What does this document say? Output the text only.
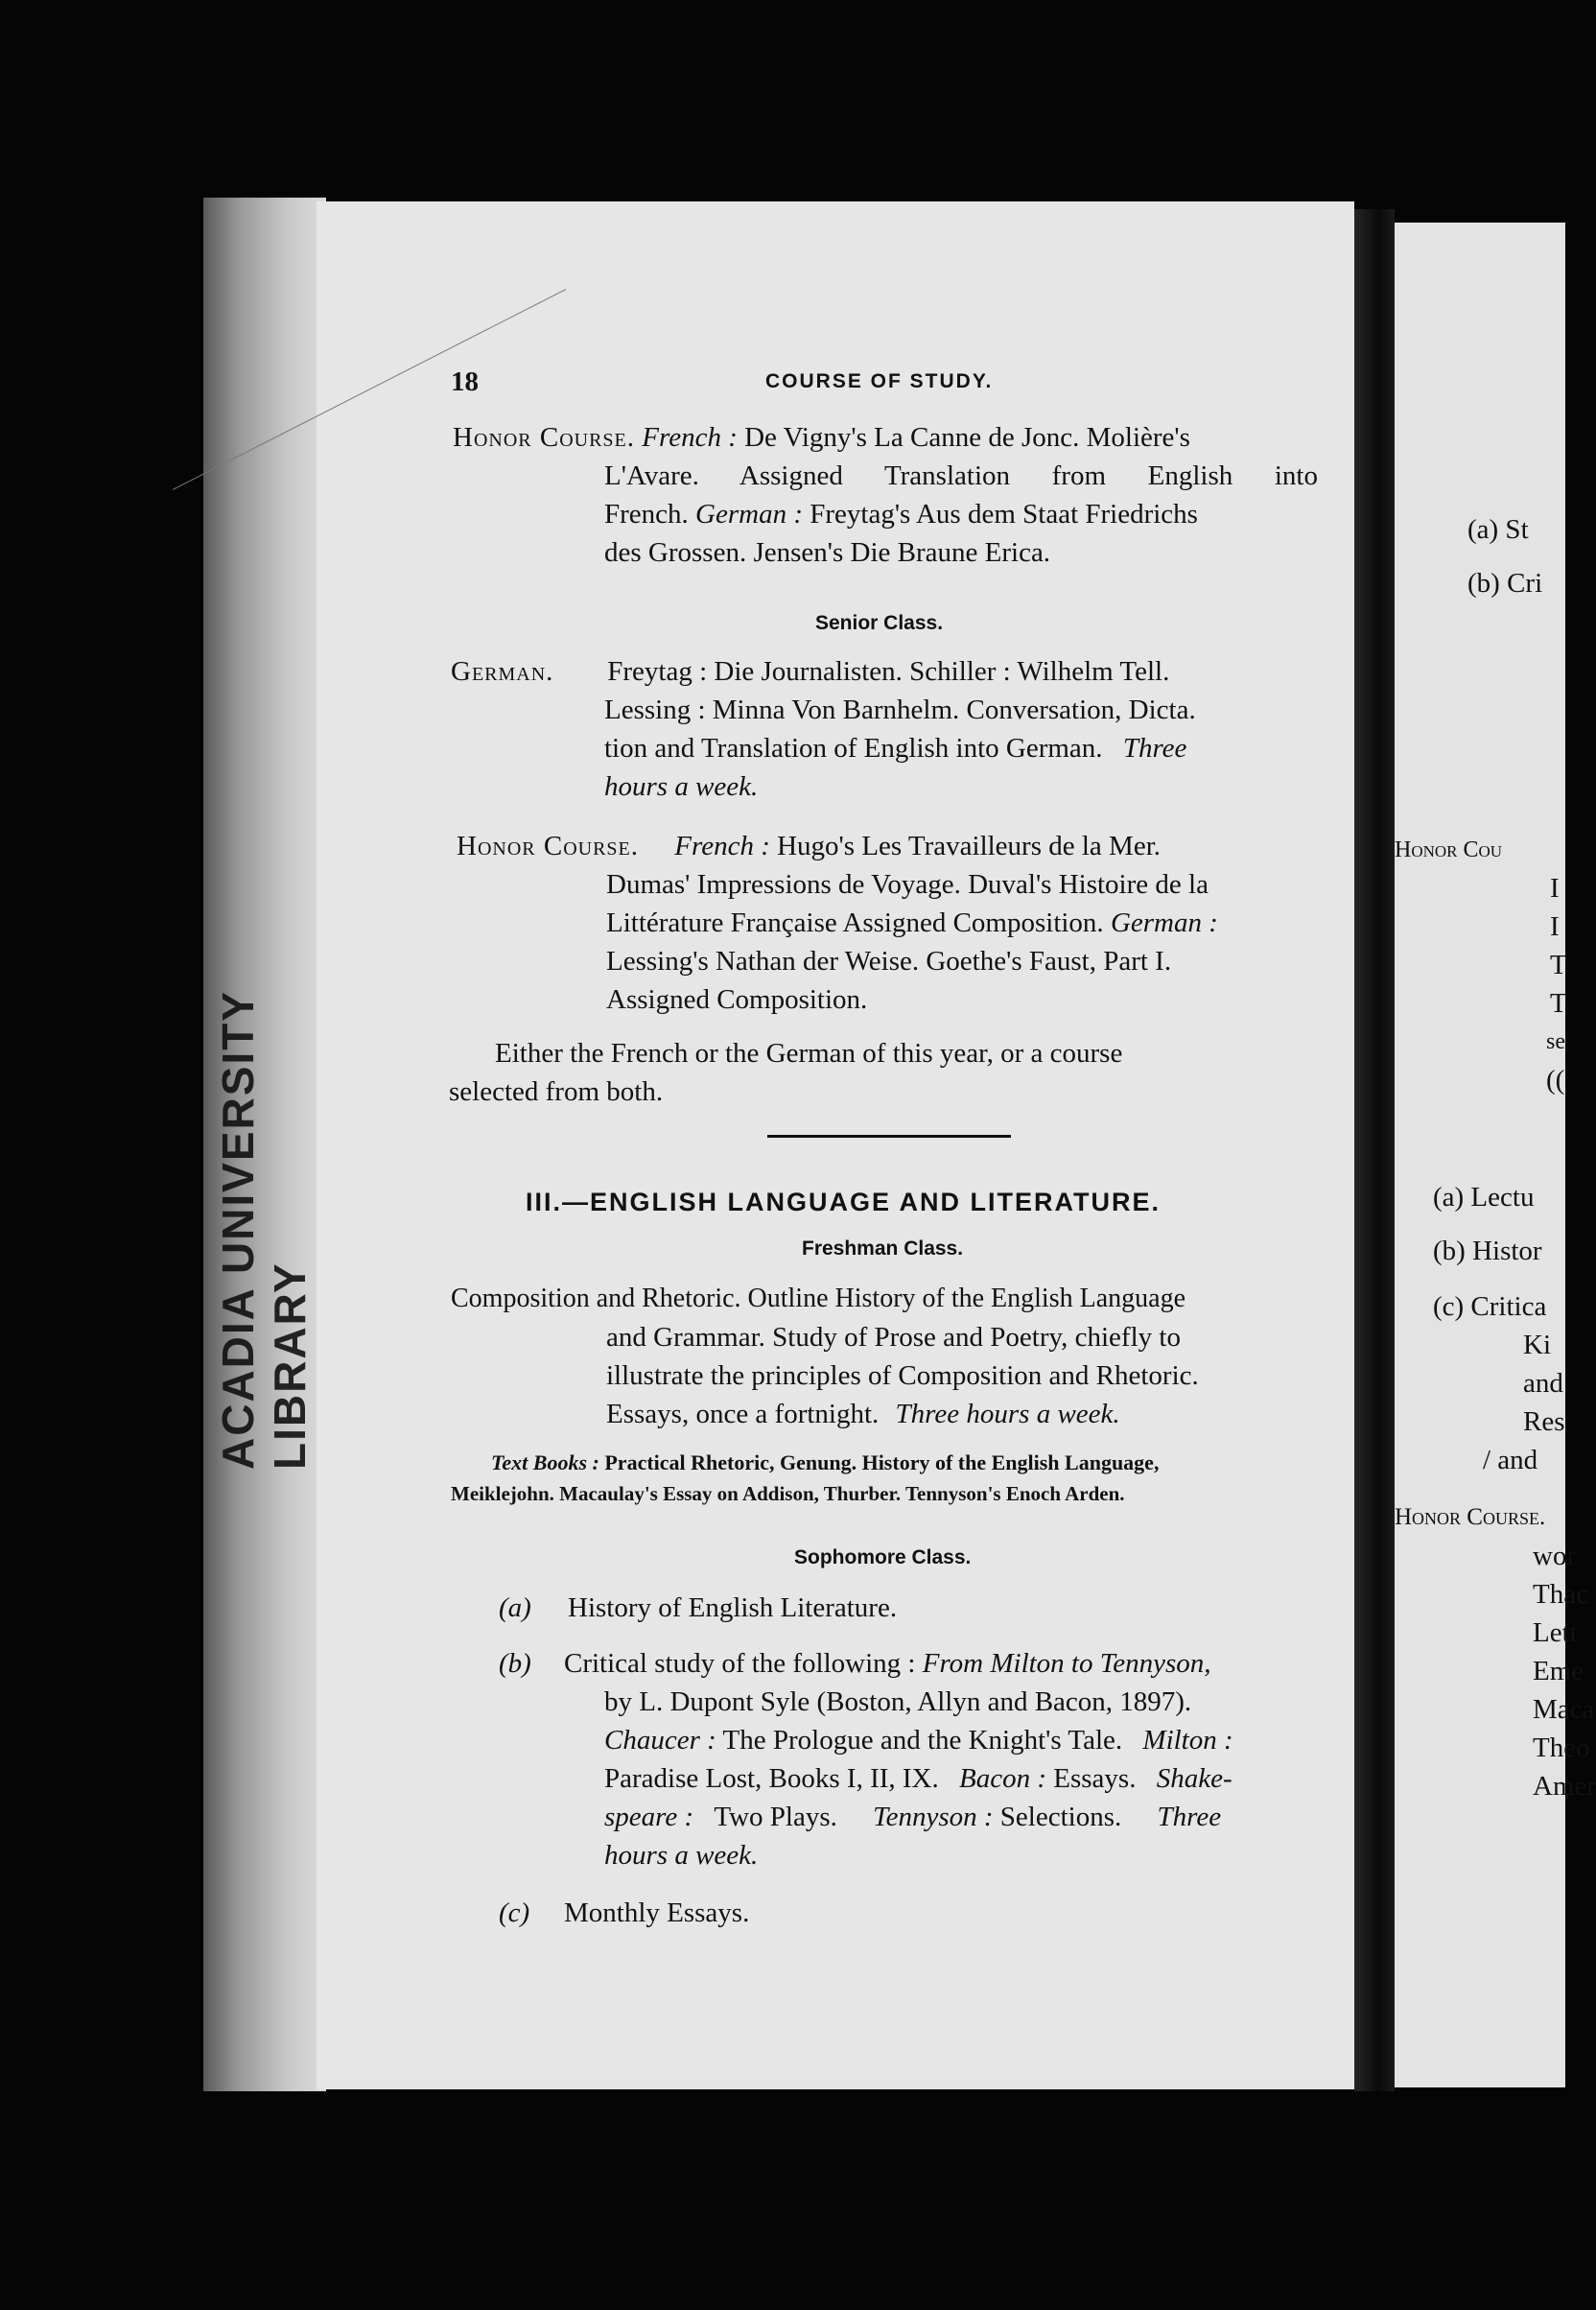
ACADIA UNIVERSITY LIBRARY
18	COURSE OF STUDY.
Honor Course. French : De Vigny's La Canne de Jonc. Molière's
L'Avare. Assigned Translation from English into
French. German : Freytag's Aus dem Staat Friedrichs
des Grossen. Jensen's Die Braune Erica.
Senior Class.
German. Freytag : Die Journalisten. Schiller : Wilhelm Tell.
Lessing : Minna Von Barnhelm. Conversation, Dicta.
tion and Translation of English into German. Three
hours a week.
Honor Course. French : Hugo's Les Travailleurs de la Mer.
Dumas' Impressions de Voyage. Duval's Histoire de la
Littérature Française Assigned Composition. German :
Lessing's Nathan der Weise. Goethe's Faust, Part I.
Assigned Composition.
Either the French or the German of this year, or a course
selected from both.
III.—ENGLISH LANGUAGE AND LITERATURE.
Freshman Class.
Composition and Rhetoric. Outline History of the English Language
and Grammar. Study of Prose and Poetry, chiefly to
illustrate the principles of Composition and Rhetoric.
Essays, once a fortnight. Three hours a week.
Text Books : Practical Rhetoric, Genung. History of the English Language,
Meiklejohn. Macaulay's Essay on Addison, Thurber. Tennyson's Enoch Arden.
Sophomore Class.
(a) History of English Literature.
(b) Critical study of the following : From Milton to Tennyson,
by L. Dupont Syle (Boston, Allyn and Bacon, 1897).
Chaucer : The Prologue and the Knight's Tale. Milton :
Paradise Lost, Books I, II, IX. Bacon : Essays. Shake-
speare : Two Plays. Tennyson : Selections. Three
hours a week.
(c) Monthly Essays.
(a) St
(b) Cri
Honor Cou
I
I
T
T
se
((
(a) Lectu
(b) Histor
(c) Critica
Ki
and
Res
/ and
Honor Course.
wor
Thac
Lett
Eme
Maca
Theo
Amer
